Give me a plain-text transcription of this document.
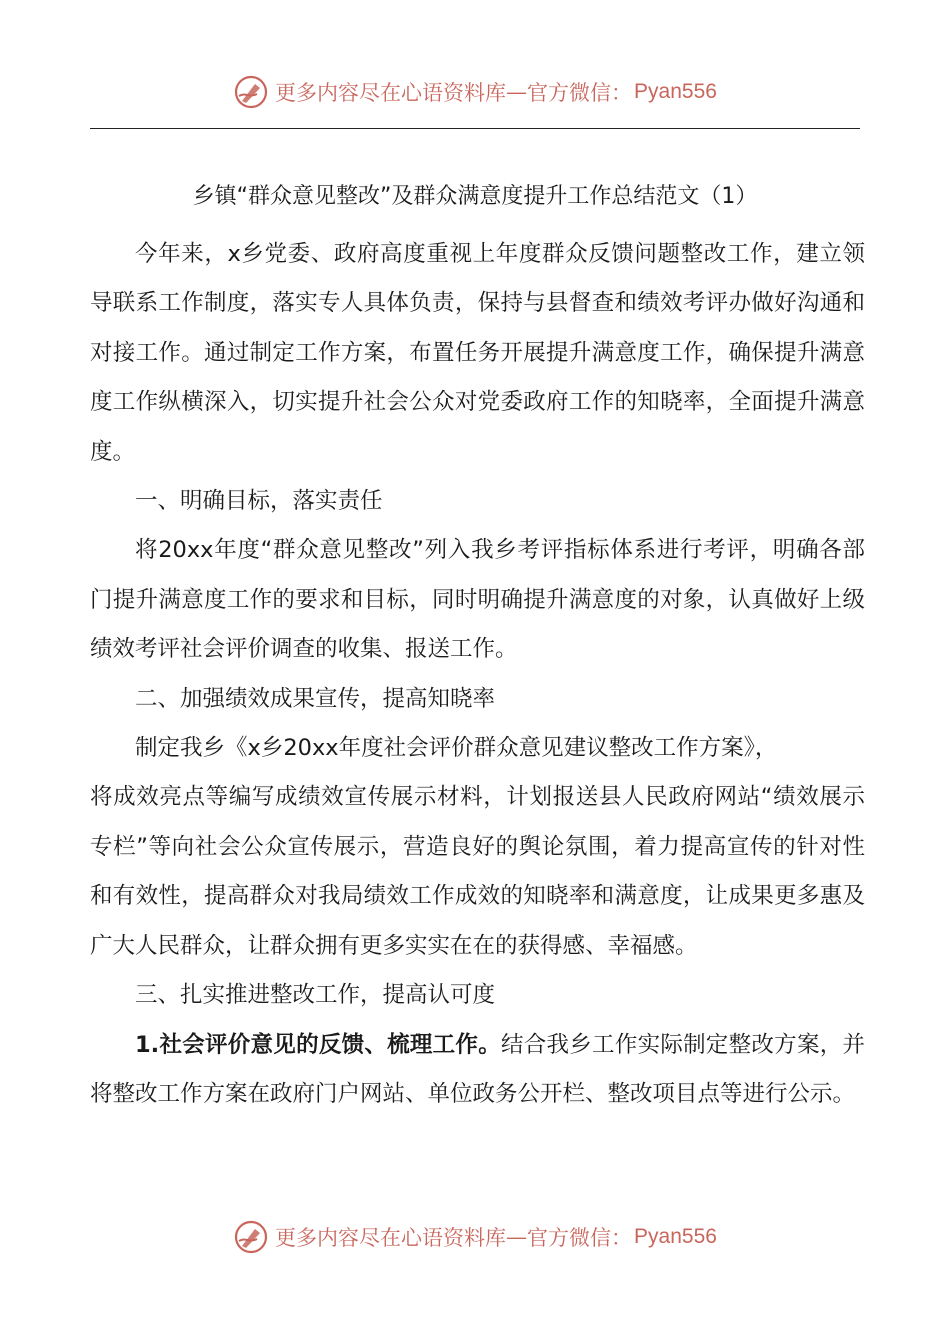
更多内容尽在心语资料库 — 官方微信： Pyan556
乡镇“群众意见整改”及群众满意度提升工作总结范文（1）

今年来，x乡党委、政府高度重视上年度群众反馈问题整改工作，建立领导联系工作制度，落实专人具体负责，保持与县督查和绩效考评办做好沟通和对接工作。通过制定工作方案，布置任务开展提升满意度工作，确保提升满意度工作纵横深入，切实提升社会公众对党委政府工作的知晓率，全面提升满意度。

一、明确目标，落实责任

将20xx年度“群众意见整改”列入我乡考评指标体系进行考评，明确各部门提升满意度工作的要求和目标，同时明确提升满意度的对象，认真做好上级绩效考评社会评价调查的收集、报送工作。

二、加强绩效成果宣传，提高知晓率

制定我乡《x乡20xx年度社会评价群众意见建议整改工作方案》，

将成效亮点等编写成绩效宣传展示材料，计划报送县人民政府网站“绩效展示专栏”等向社会公众宣传展示，营造良好的舆论氛围，着力提高宣传的针对性和有效性，提高群众对我局绩效工作成效的知晓率和满意度，让成果更多惠及广大人民群众，让群众拥有更多实实在在的获得感、幸福感。

三、扎实推进整改工作，提高认可度

1.社会评价意见的反馈、梳理工作。结合我乡工作实际制定整改方案，并将整改工作方案在政府门户网站、单位政务公开栏、整改项目点等进行公示。

更多内容尽在心语资料库 — 官方微信： Pyan556
